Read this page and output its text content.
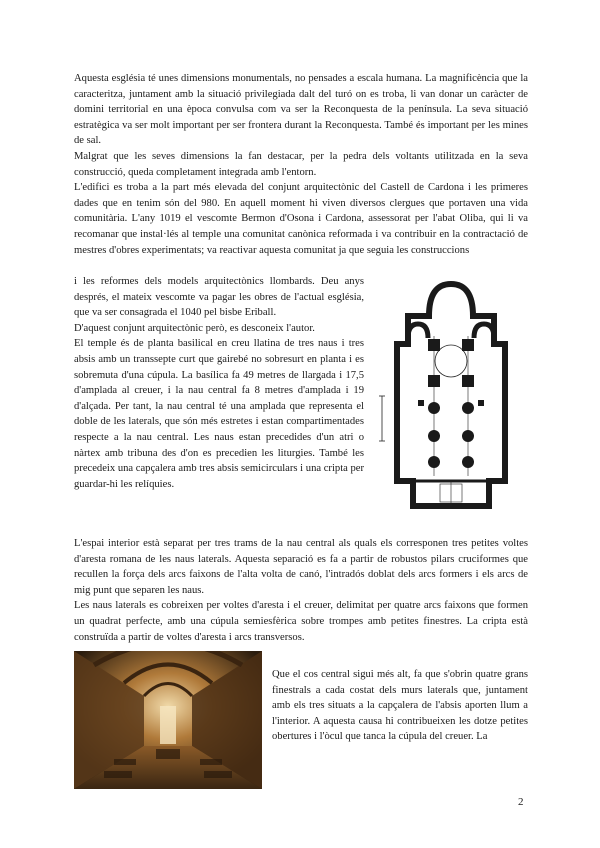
Aquesta església té unes dimensions monumentals, no pensades a escala humana. La magnificència que la caracteritza, juntament amb la situació privilegiada dalt del turó on es troba, li van donar un caràcter de domini territorial en una època convulsa com va ser la Reconquesta de la península. La seva situació estratègica va ser molt important per ser frontera durant la Reconquesta. També és important per les mines de sal.

Malgrat que les seves dimensions la fan destacar, per la pedra dels voltants utilitzada en la seva construcció, queda completament integrada amb l'entorn.

L'edifici es troba a la part més elevada del conjunt arquitectònic del Castell de Cardona i les primeres dades que en tenim són del 980. En aquell moment hi viven diversos clergues que portaven una vida comunitària. L'any 1019 el vescomte Bermon d'Osona i Cardona, assessorat per l'abat Oliba, qui li va recomanar que instal·lés al temple una comunitat canònica reformada i va contribuir en la contractació de mestres d'obres experimentats; va reactivar aquesta comunitat ja que seguia les construccions

i les reformes dels models arquitectònics llombards. Deu anys després, el mateix vescomte va pagar les obres de l'actual església, que va ser consagrada el 1040 pel bisbe Eriball.

D'aquest conjunt arquitectònic però, es desconeix l'autor.

El temple és de planta basilical en creu llatina de tres naus i tres absis amb un transsepte curt que gairebé no sobresurt en planta i es sobremuta d'una cúpula. La basílica fa 49 metres de llargada i 17,5 d'amplada al creuer, i la nau central fa 8 metres d'amplada i 19 d'alçada. Per tant, la nau central té una amplada que representa el doble de les laterals, que són més estretes i estan compartimentades respecte a la nau central. Les naus estan precedides d'un atri o nàrtex amb tribuna des d'on es precedien les liturgies. També les precedeix una capçalera amb tres absis semicirculars i una cripta per guardar-hi les relíquies.

L'espai interior està separat per tres trams de la nau central als quals els corresponen tres petites voltes d'aresta romana de les naus laterals. Aquesta separació es fa a partir de robustos pilars cruciformes que recullen la força dels arcs faixons de l'alta volta de canó, l'intradós doblat dels arcs formers i els arcs de mig punt que separen les naus.

Les naus laterals es cobreixen per voltes d'aresta i el creuer, delimitat per quatre arcs faixons que formen un quadrat perfecte, amb una cúpula semiesfèrica sobre trompes amb petites finestres. La cripta està construïda a partir de voltes d'aresta i arcs transversos.

Que el cos central sigui més alt, fa que s'obrin quatre grans finestrals a cada costat dels murs laterals que, juntament amb els tres situats a la capçalera de l'absis aporten llum a l'interior. A aquesta causa hi contribueixen les dotze petites obertures i l'òcul que tanca la cúpula del creuer. La

2
